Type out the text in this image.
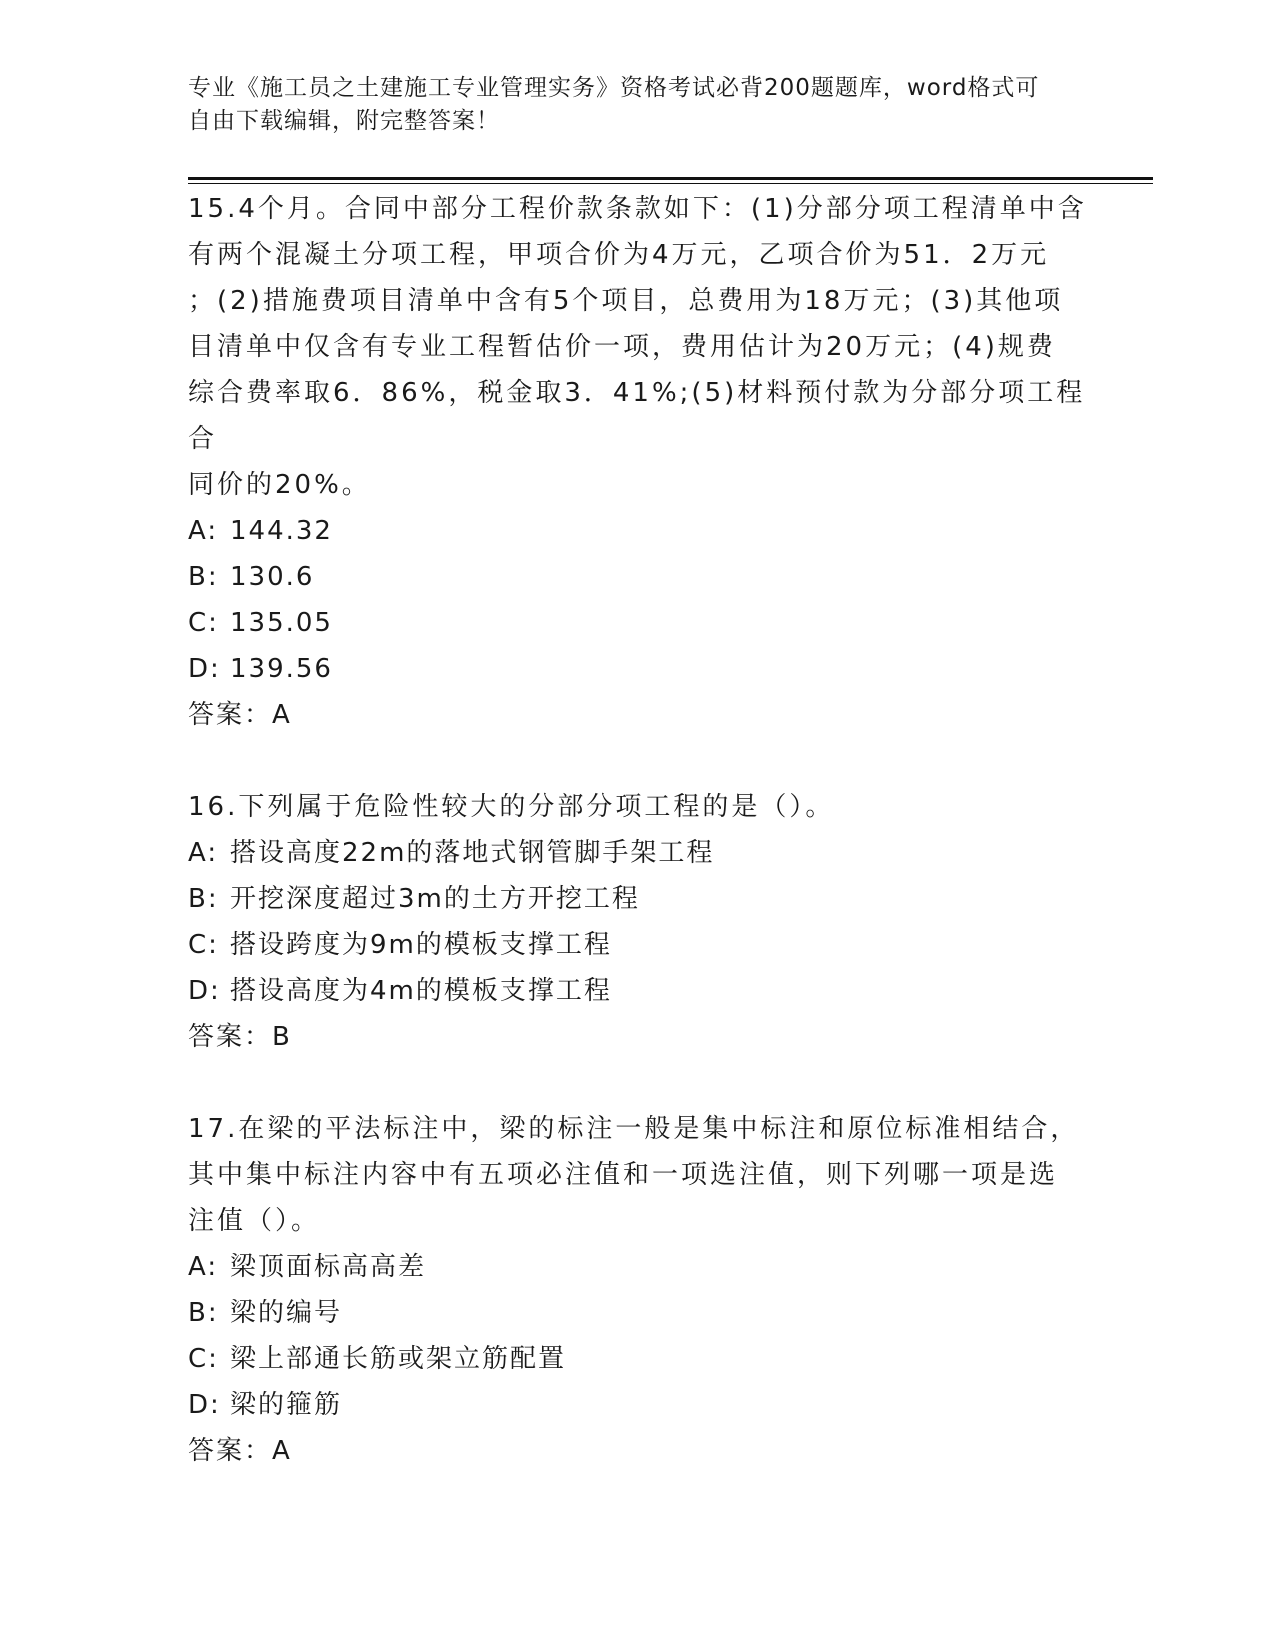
专业《施工员之土建施工专业管理实务》资格考试必背200题题库，word格式可
自由下载编辑，附完整答案！
15.4个月。合同中部分工程价款条款如下：(1)分部分项工程清单中含
有两个混凝土分项工程，甲项合价为4万元，乙项合价为51．2万元
；(2)措施费项目清单中含有5个项目，总费用为18万元；(3)其他项
目清单中仅含有专业工程暂估价一项，费用估计为20万元；(4)规费
综合费率取6．86%，税金取3．41%;(5)材料预付款为分部分项工程合
同价的20%。
A: 144.32
B: 130.6
C: 135.05
D: 139.56
答案：A
16.下列属于危险性较大的分部分项工程的是（）。
A: 搭设高度22m的落地式钢管脚手架工程
B: 开挖深度超过3m的土方开挖工程
C: 搭设跨度为9m的模板支撑工程
D: 搭设高度为4m的模板支撑工程
答案：B
17.在梁的平法标注中，梁的标注一般是集中标注和原位标准相结合，
其中集中标注内容中有五项必注值和一项选注值，则下列哪一项是选
注值（）。
A: 梁顶面标高高差
B: 梁的编号
C: 梁上部通长筋或架立筋配置
D: 梁的箍筋
答案：A
